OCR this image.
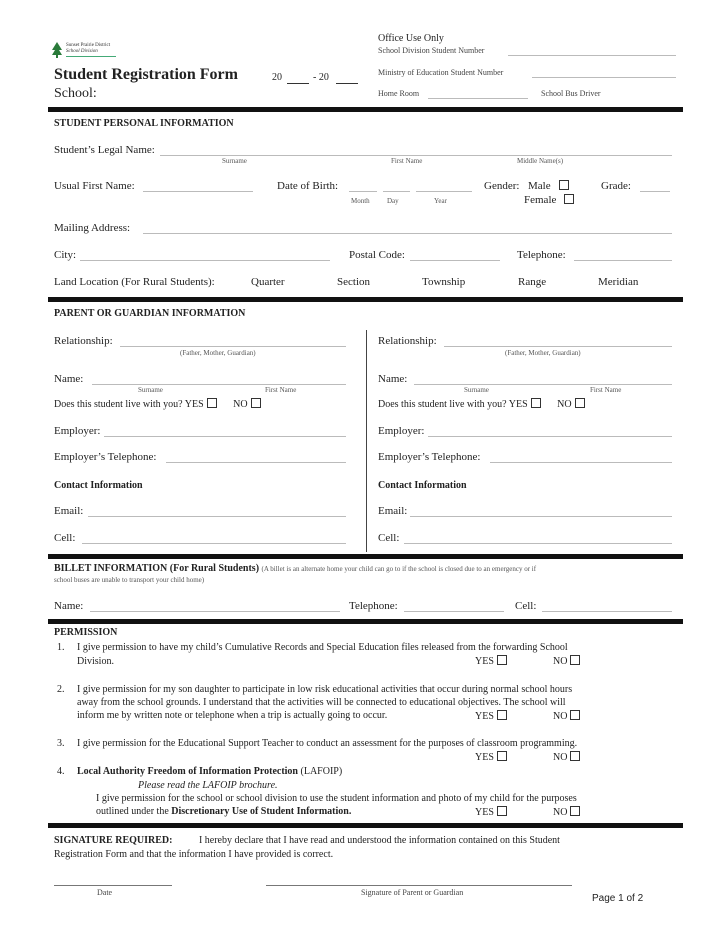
Sunset Prairie District
School Division
Student Registration Form	20	- 20
School:
Office Use Only
School Division Student Number
Ministry of Education Student Number
Home Room	School Bus Driver
STUDENT PERSONAL INFORMATION
Student’s Legal Name:
Surname	First Name	Middle Name(s)
Usual First Name:	Date of Birth:
Month Day	Year
Gender: Male
Female
Grade:
Mailing Address:
City:	Postal Code:	Telephone:
Land Location (For Rural Students):	Quarter	Section	Township	Range	Meridian
PARENT OR GUARDIAN INFORMATION
Relationship:
(Father, Mother, Guardian)
Name:
Surname	First Name
Does this student live with you? YES	NO
Employer:
Employer’s Telephone:
Contact Information
Email:
Cell:
Relationship:
(Father, Mother, Guardian)
Name:
Surname	First Name
Does this student live with you? YES	NO
Employer:
Employer’s Telephone:
Contact Information
Email:
Cell:
BILLET INFORMATION (For Rural Students) (A billet is an alternate home your child can go to if the school is closed due to an emergency or if
school buses are unable to transport your child home)
Name:	Telephone:	Cell:
PERMISSION
1. I give permission to have my child’s Cumulative Records and Special Education files released from the forwarding School
Division.	YES	NO
2. I give permission for my son daughter to participate in low risk educational activities that occur during normal school hours
away from the school grounds. I understand that the activities will be connected to educational objectives. The school will
inform me by written note or telephone when a trip is actually going to occur.	YES	NO
3. I give permission for the Educational Support Teacher to conduct an assessment for the purposes of classroom programming.
YES	NO
4. Local Authority Freedom of Information Protection (LAFOIP)
Please read the LAFOIP brochure.
I give permission for the school or school division to use the student information and photo of my child for the purposes
outlined under the Discretionary Use of Student Information.	YES	NO
SIGNATURE REQUIRED:	I hereby declare that I have read and understood the information contained on this Student
Registration Form and that the information I have provided is correct.
Date	Signature of Parent or Guardian
Page 1 of 2
